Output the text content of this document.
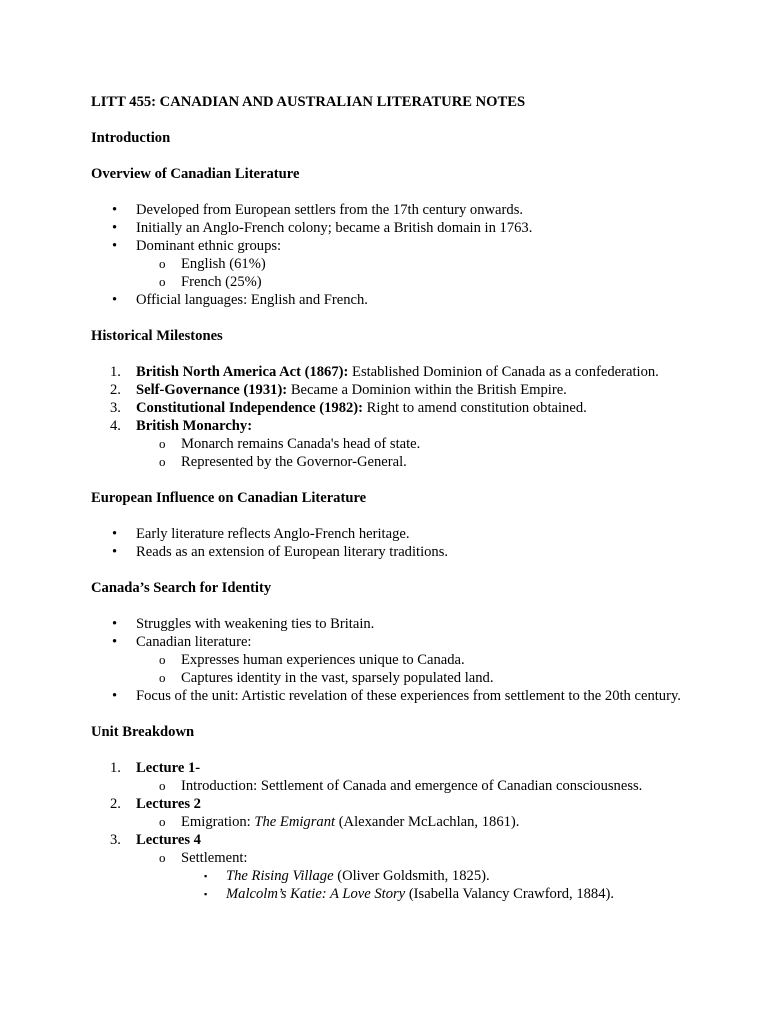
LITT 455: CANADIAN AND AUSTRALIAN LITERATURE NOTES

Introduction

Overview of Canadian Literature

•	Developed from European settlers from the 17th century onwards.
•	Initially an Anglo-French colony; became a British domain in 1763.
•	Dominant ethnic groups:
o English (61%)
o French (25%)
•	Official languages: English and French.

Historical Milestones

1.	British North America Act (1867): Established Dominion of Canada as a confederation.
2.	Self-Governance (1931): Became a Dominion within the British Empire.
3.	Constitutional Independence (1982): Right to amend constitution obtained.
4.	British Monarchy:
o Monarch remains Canada's head of state.
o Represented by the Governor-General.

European Influence on Canadian Literature

•	Early literature reflects Anglo-French heritage.
•	Reads as an extension of European literary traditions.

Canada’s Search for Identity

•	Struggles with weakening ties to Britain.
•	Canadian literature:
o Expresses human experiences unique to Canada.
o Captures identity in the vast, sparsely populated land.
•	Focus of the unit: Artistic revelation of these experiences from settlement to the 20th century.

Unit Breakdown

1.	Lecture 1-
o Introduction: Settlement of Canada and emergence of Canadian consciousness.
2.	Lectures 2
o Emigration: The Emigrant (Alexander McLachlan, 1861).
3.	Lectures 4
o Settlement:
▪ The Rising Village (Oliver Goldsmith, 1825).
▪ Malcolm’s Katie: A Love Story (Isabella Valancy Crawford, 1884).
